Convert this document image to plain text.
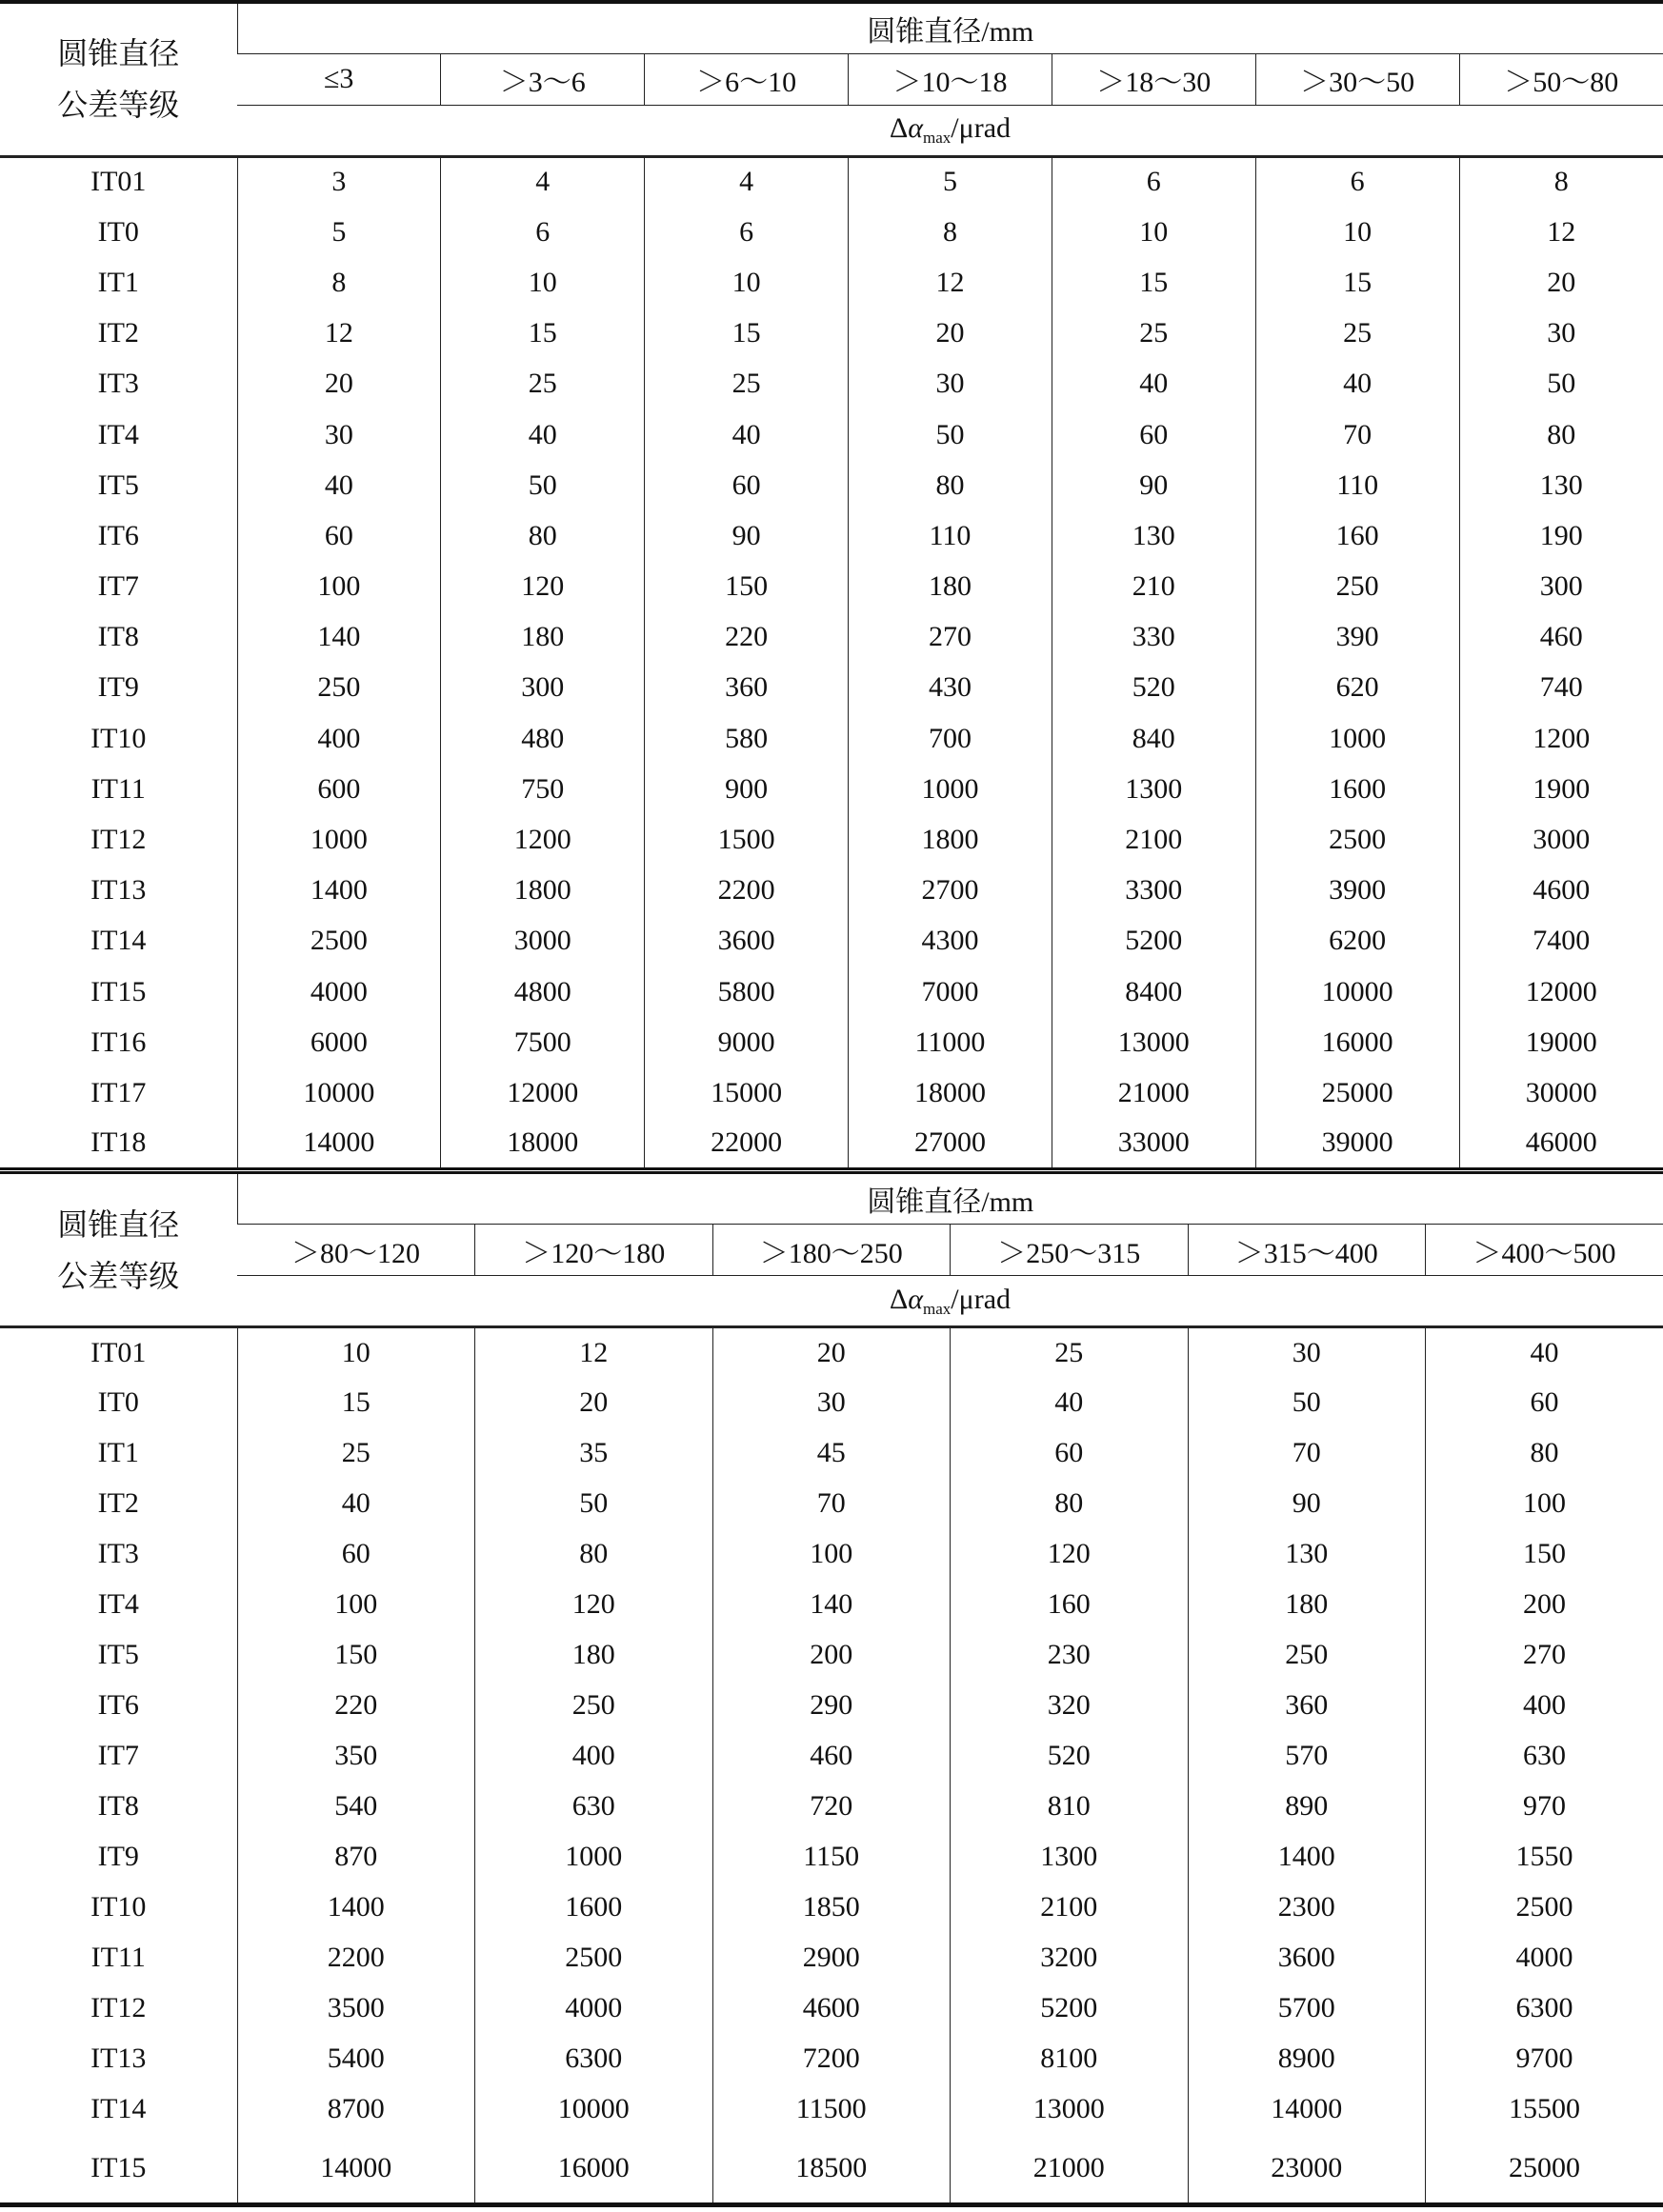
圆锥直径
公差等级	圆锥直径/mm						
	≤3	＞3～6	＞6～10	＞10～18	＞18～30	＞30～50	＞50～80
	$\Delta\alpha_{max}$/μrad						
IT01	3	4	4	5	6	6	8
IT0	5	6	6	8	10	10	12
IT1	8	10	10	12	15	15	20
IT2	12	15	15	20	25	25	30
IT3	20	25	25	30	40	40	50
IT4	30	40	40	50	60	70	80
IT5	40	50	60	80	90	110	130
IT6	60	80	90	110	130	160	190
IT7	100	120	150	180	210	250	300
IT8	140	180	220	270	330	390	460
IT9	250	300	360	430	520	620	740
IT10	400	480	580	700	840	1000	1200
IT11	600	750	900	1000	1300	1600	1900
IT12	1000	1200	1500	1800	2100	2500	3000
IT13	1400	1800	2200	2700	3300	3900	4600
IT14	2500	3000	3600	4300	5200	6200	7400
IT15	4000	4800	5800	7000	8400	10000	12000
IT16	6000	7500	9000	11000	13000	16000	19000
IT17	10000	12000	15000	18000	21000	25000	30000
IT18	14000	18000	22000	27000	33000	39000	46000
圆锥直径
公差等级	圆锥直径/mm					
	＞80～120	＞120～180	＞180～250	＞250～315	＞315～400	＞400～500
	$\Delta\alpha_{max}$/μrad					
IT01	10	12	20	25	30	40
IT0	15	20	30	40	50	60
IT1	25	35	45	60	70	80
IT2	40	50	70	80	90	100
IT3	60	80	100	120	130	150
IT4	100	120	140	160	180	200
IT5	150	180	200	230	250	270
IT6	220	250	290	320	360	400
IT7	350	400	460	520	570	630
IT8	540	630	720	810	890	970
IT9	870	1000	1150	1300	1400	1550
IT10	1400	1600	1850	2100	2300	2500
IT11	2200	2500	2900	3200	3600	4000
IT12	3500	4000	4600	5200	5700	6300
IT13	5400	6300	7200	8100	8900	9700
IT14	8700	10000	11500	13000	14000	15500
IT15	14000	16000	18500	21000	23000	25000
